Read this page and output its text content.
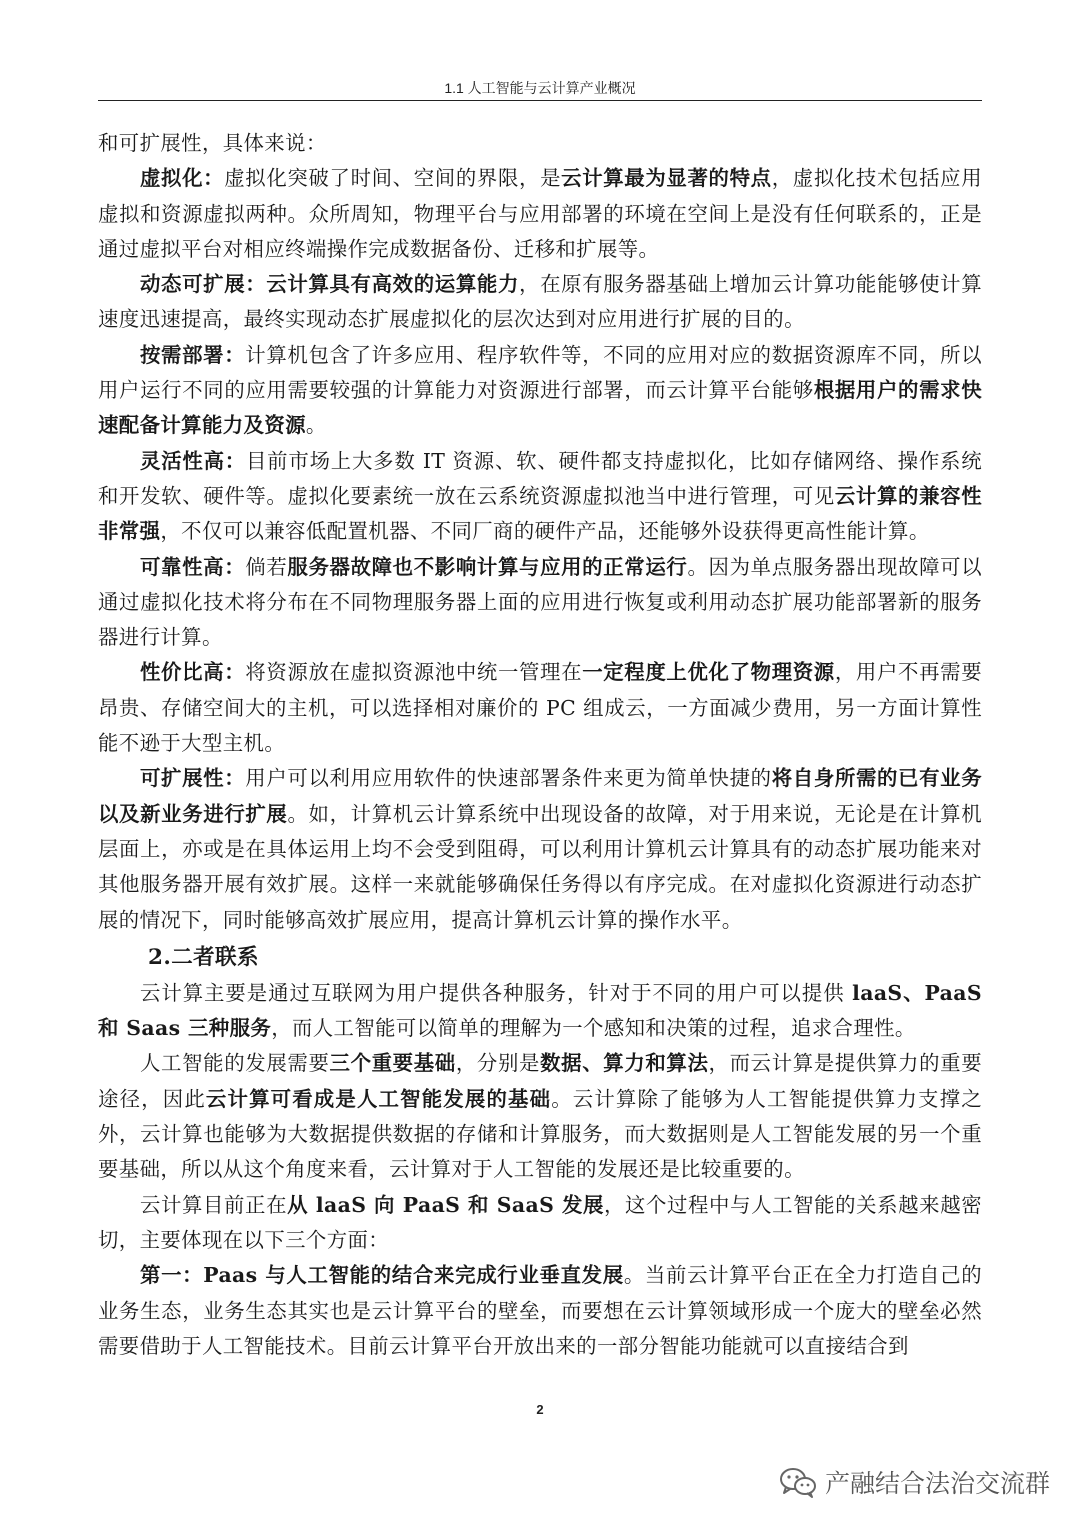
1.1 人工智能与云计算产业概况

和可扩展性，具体来说：

虚拟化：虚拟化突破了时间、空间的界限，是云计算最为显著的特点，虚拟化技术包括应用虚拟和资源虚拟两种。众所周知，物理平台与应用部署的环境在空间上是没有任何联系的，正是通过虚拟平台对相应终端操作完成数据备份、迁移和扩展等。

动态可扩展：云计算具有高效的运算能力，在原有服务器基础上增加云计算功能能够使计算速度迅速提高，最终实现动态扩展虚拟化的层次达到对应用进行扩展的目的。

按需部署：计算机包含了许多应用、程序软件等，不同的应用对应的数据资源库不同，所以用户运行不同的应用需要较强的计算能力对资源进行部署，而云计算平台能够根据用户的需求快速配备计算能力及资源。

灵活性高：目前市场上大多数 IT 资源、软、硬件都支持虚拟化，比如存储网络、操作系统和开发软、硬件等。虚拟化要素统一放在云系统资源虚拟池当中进行管理，可见云计算的兼容性非常强，不仅可以兼容低配置机器、不同厂商的硬件产品，还能够外设获得更高性能计算。

可靠性高：倘若服务器故障也不影响计算与应用的正常运行。因为单点服务器出现故障可以通过虚拟化技术将分布在不同物理服务器上面的应用进行恢复或利用动态扩展功能部署新的服务器进行计算。

性价比高：将资源放在虚拟资源池中统一管理在一定程度上优化了物理资源，用户不再需要昂贵、存储空间大的主机，可以选择相对廉价的 PC 组成云，一方面减少费用，另一方面计算性能不逊于大型主机。

可扩展性：用户可以利用应用软件的快速部署条件来更为简单快捷的将自身所需的已有业务以及新业务进行扩展。如，计算机云计算系统中出现设备的故障，对于用来说，无论是在计算机层面上，亦或是在具体运用上均不会受到阻碍，可以利用计算机云计算具有的动态扩展功能来对其他服务器开展有效扩展。这样一来就能够确保任务得以有序完成。在对虚拟化资源进行动态扩展的情况下，同时能够高效扩展应用，提高计算机云计算的操作水平。

2.二者联系

云计算主要是通过互联网为用户提供各种服务，针对于不同的用户可以提供 laaS、PaaS 和 Saas 三种服务，而人工智能可以简单的理解为一个感知和决策的过程，追求合理性。

人工智能的发展需要三个重要基础，分别是数据、算力和算法，而云计算是提供算力的重要途径，因此云计算可看成是人工智能发展的基础。云计算除了能够为人工智能提供算力支撑之外，云计算也能够为大数据提供数据的存储和计算服务，而大数据则是人工智能发展的另一个重要基础，所以从这个角度来看，云计算对于人工智能的发展还是比较重要的。

云计算目前正在从 laaS 向 PaaS 和 SaaS 发展，这个过程中与人工智能的关系越来越密切，主要体现在以下三个方面：

第一：Paas 与人工智能的结合来完成行业垂直发展。当前云计算平台正在全力打造自己的业务生态，业务生态其实也是云计算平台的壁垒，而要想在云计算领域形成一个庞大的壁垒必然需要借助于人工智能技术。目前云计算平台开放出来的一部分智能功能就可以直接结合到

2
产融结合法治交流群
